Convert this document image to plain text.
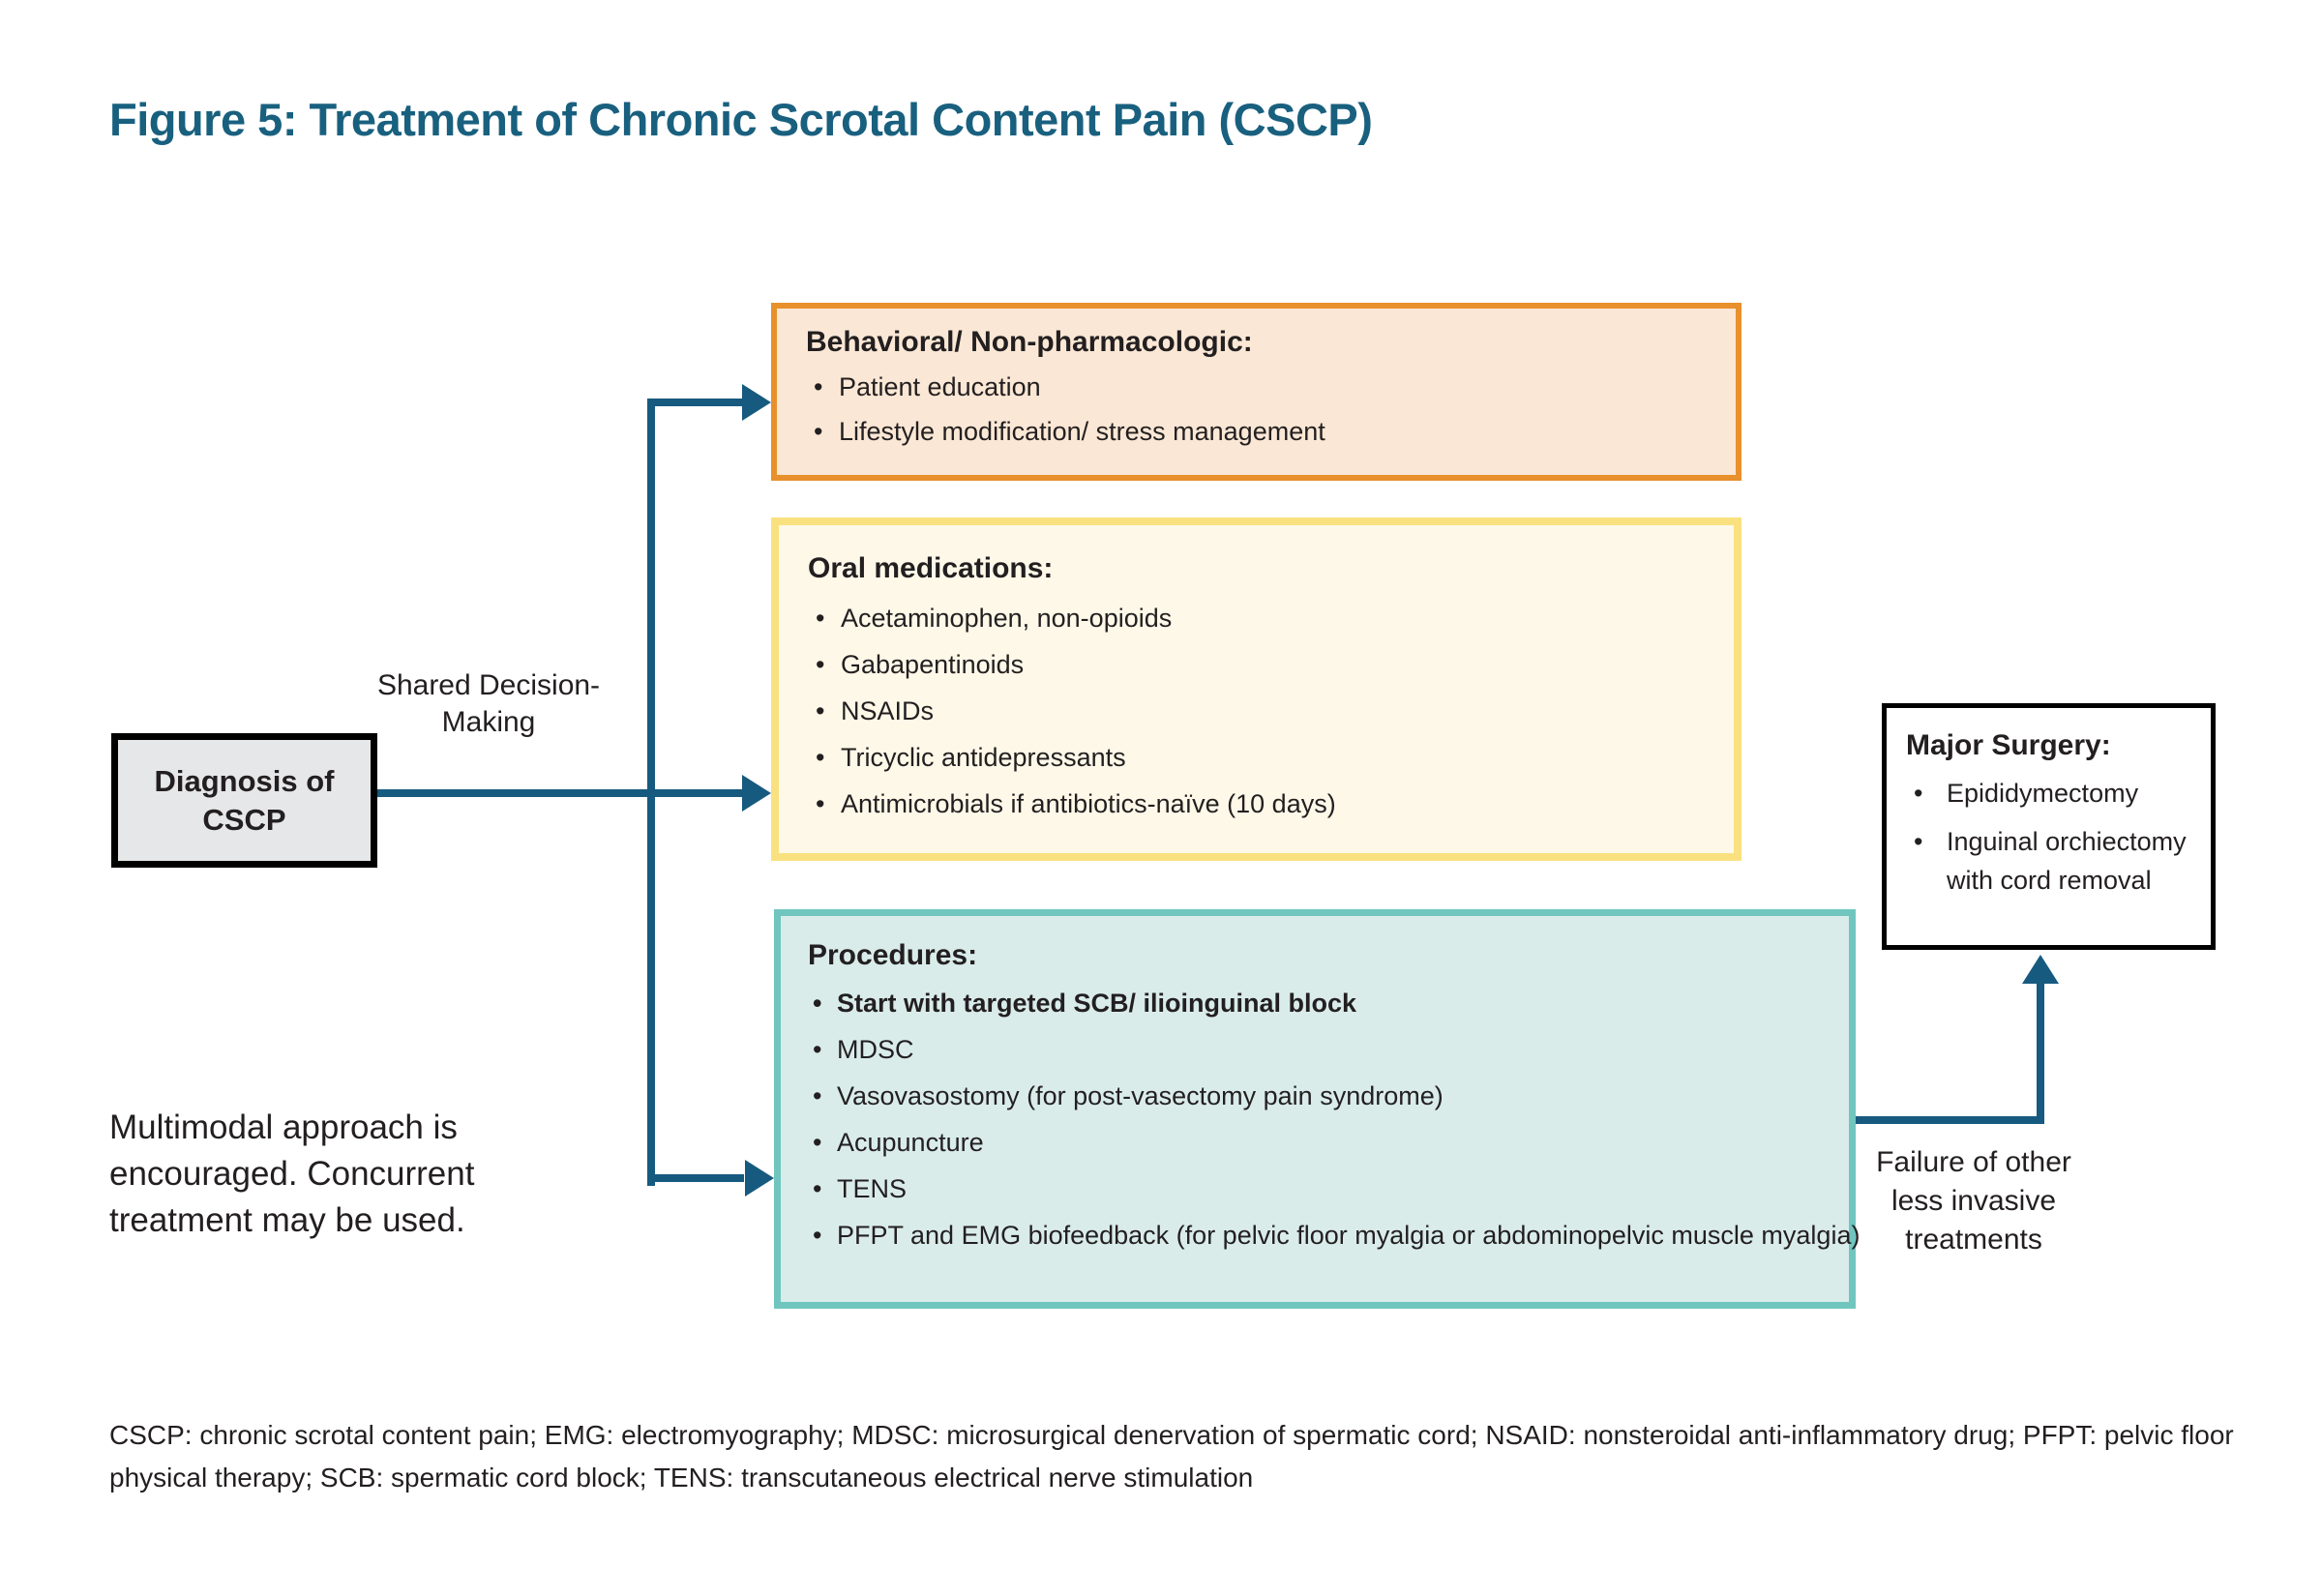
Figure 5: Treatment of Chronic Scrotal Content Pain (CSCP)
Diagnosis of CSCP
Shared Decision-Making
Failure of other less invasive treatments
Behavioral/ Non-pharmacologic:
• Patient education
• Lifestyle modification/ stress management
Oral medications:
• Acetaminophen, non-opioids
• Gabapentinoids
• NSAIDs
• Tricyclic antidepressants
• Antimicrobials if antibiotics-naïve (10 days)
Procedures:
• Start with targeted SCB/ ilioinguinal block
• MDSC
• Vasovasostomy (for post-vasectomy pain syndrome)
• Acupuncture
• TENS
• PFPT and EMG biofeedback (for pelvic floor myalgia or abdominopelvic muscle myalgia)
Major Surgery:
• Epididymectomy
• Inguinal orchiectomy with cord removal
Multimodal approach is encouraged. Concurrent treatment may be used.
CSCP: chronic scrotal content pain; EMG: electromyography; MDSC: microsurgical denervation of spermatic cord; NSAID: nonsteroidal anti-inflammatory drug; PFPT: pelvic floor physical therapy; SCB: spermatic cord block; TENS: transcutaneous electrical nerve stimulation
